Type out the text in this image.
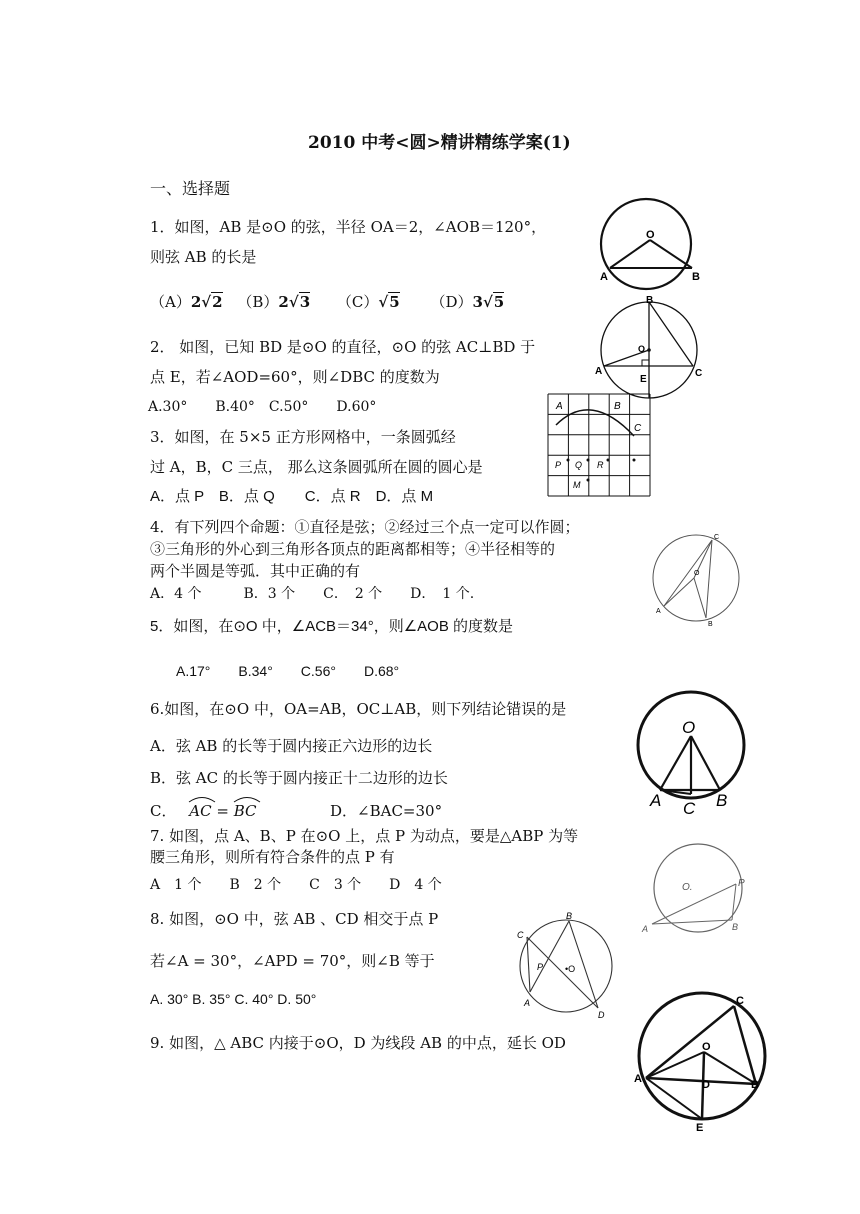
2010 中考<圆>精讲精练学案(1)
一、选择题
1．如图，AB 是⊙O 的弦，半径 OA＝2，∠AOB＝120°，
则弦 AB 的长是
（A）2√2 （B）2√3 （C）√5 （D）3√5
O
A	B
2． 如图，已知 BD 是⊙O 的直径，⊙O 的弦 AC⊥BD 于
点 E，若∠AOD=60°，则∠DBC 的度数为
A.30°　　B.40°　C.50°　　D.60°
B
O
A	C
E
3．如图，在 5×5 正方形网格中，一条圆弧经
过 A，B，C 三点， 那么这条圆弧所在圆的圆心是
A．点 P　B．点 Q　　C．点 R　D．点 M
A	B
C
P Q R
M
4．有下列四个命题：①直径是弦；②经过三个点一定可以作圆；
③三角形的外心到三角形各顶点的距离都相等；④半径相等的
两个半圆是等弧．其中正确的有
A．4 个　　　B．3 个　　C．　2 个　　D．　1 个.
C
O
A
B
5．如图，在⊙O 中，∠ACB＝34°，则∠AOB 的度数是
A.17°　　B.34°　　C.56°　　D.68°
6.如图，在⊙O 中，OA=AB，OC⊥AB，则下列结论错误的是
A．弦 AB 的长等于圆内接正六边形的边长
B．弦 AC 的长等于圆内接正十二边形的边长
C． AC =
BC	D．∠BAC=30°
O
A	B
C
7. 如图，点 A、B、P 在⊙O 上，点 P 为动点，要是△ABP 为等
腰三角形，则所有符合条件的点 P 有
A　1 个　　B　2 个　　C　3 个　　D　4 个	O.	P
A	B
8. 如图，⊙O 中，弦 AB 、CD 相交于点 P
若∠A = 30°，∠APD = 70°，则∠B 等于
A. 30° B. 35° C. 40° D. 50°
B
C
P •O
A
D
9. 如图，△ ABC 内接于⊙O，D 为线段 AB 的中点，延长 OD
C
O
A	D	B
E
